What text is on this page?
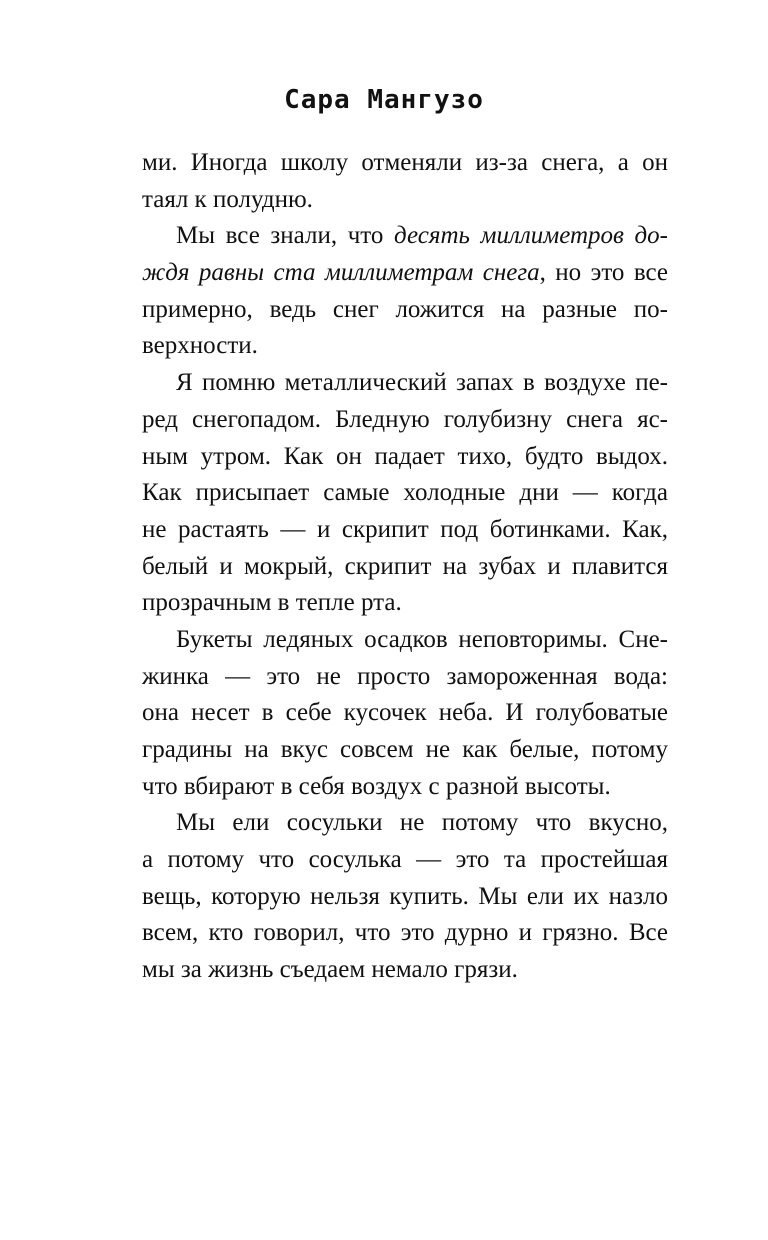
Сара Мангузо
ми. Иногда школу отменяли из-за снега, а он
таял к полудню.
Мы все знали, что десять миллиметров до-
ждя равны ста миллиметрам снега, но это все
примерно, ведь снег ложится на разные по-
верхности.
Я помню металлический запах в воздухе пе-
ред снегопадом. Бледную голубизну снега яс-
ным утром. Как он падает тихо, будто выдох.
Как присыпает самые холодные дни — когда
не растаять — и скрипит под ботинками. Как,
белый и мокрый, скрипит на зубах и плавится
прозрачным в тепле рта.
Букеты ледяных осадков неповторимы. Сне-
жинка — это не просто замороженная вода:
она несет в себе кусочек неба. И голубоватые
градины на вкус совсем не как белые, потому
что вбирают в себя воздух с разной высоты.
Мы ели сосульки не потому что вкусно,
а потому что сосулька — это та простейшая
вещь, которую нельзя купить. Мы ели их назло
всем, кто говорил, что это дурно и грязно. Все
мы за жизнь съедаем немало грязи.
